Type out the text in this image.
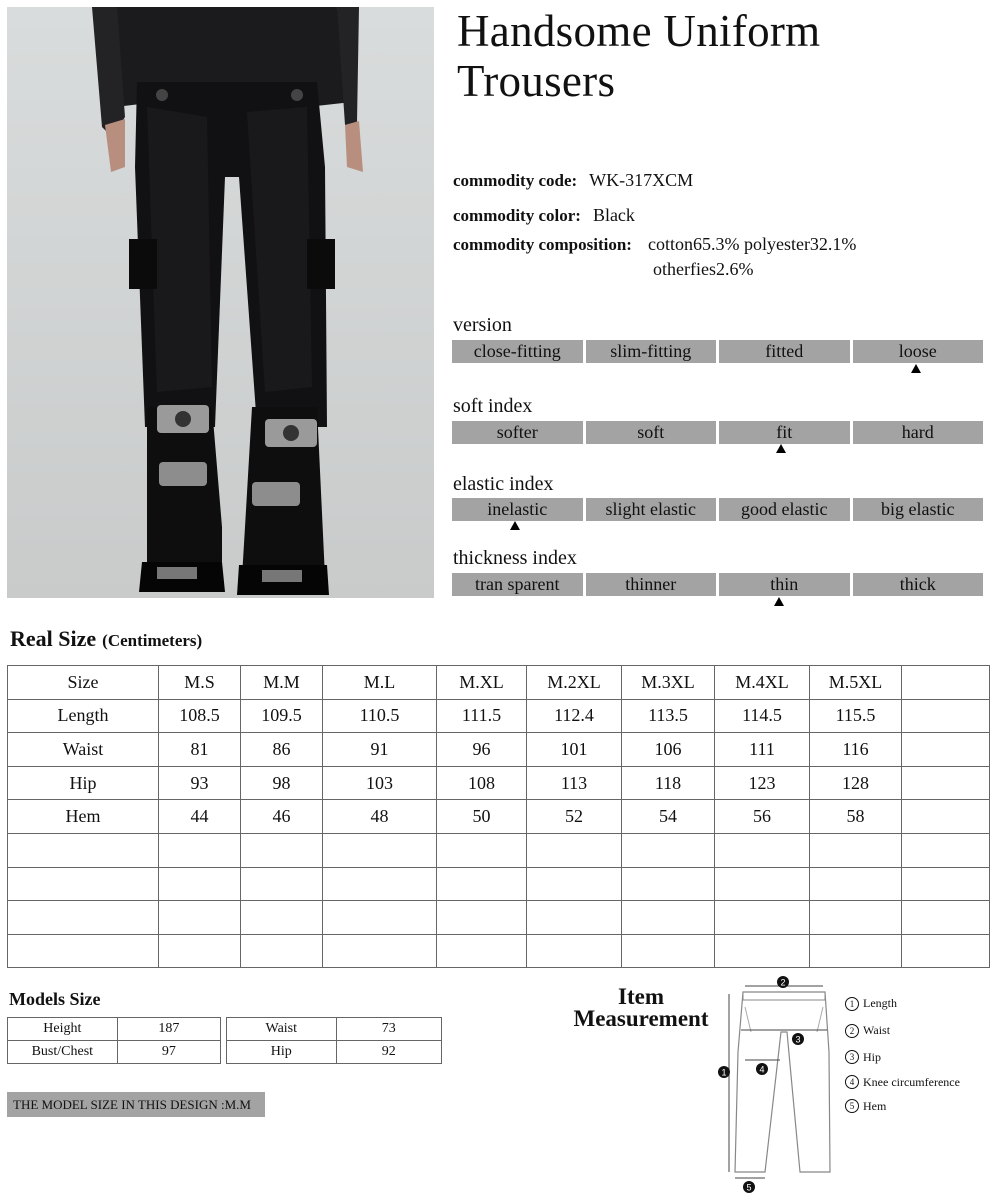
Handsome Uniform
Trousers
commodity code: WK-317XCM
commodity color: Black
commodity composition: cotton65.3% polyester32.1%
otherfies2.6%
version
close-fitting	slim-fitting	fitted	loose
soft index
softer	soft	fit	hard
elastic index
inelastic	slight elastic	good elastic	big elastic
thickness index
tran sparent	thinner	thin	thick
Real Size (Centimeters)
Size	M.S	M.M	M.L	M.XL	M.2XL	M.3XL	M.4XL	M.5XL	
Length	108.5	109.5	110.5	111.5	112.4	113.5	114.5	115.5	
Waist	81	86	91	96	101	106	111	116	
Hip	93	98	103	108	113	118	123	128	
Hem	44	46	48	50	52	54	56	58	

Models Size
Height	187
Bust/Chest	97
Waist	73
Hip	92
THE MODEL SIZE IN THIS DESIGN :M.M
Item
Measurement
2
3
4
1
5
1 Length
2 Waist
3 Hip
4 Knee circumference
5 Hem
